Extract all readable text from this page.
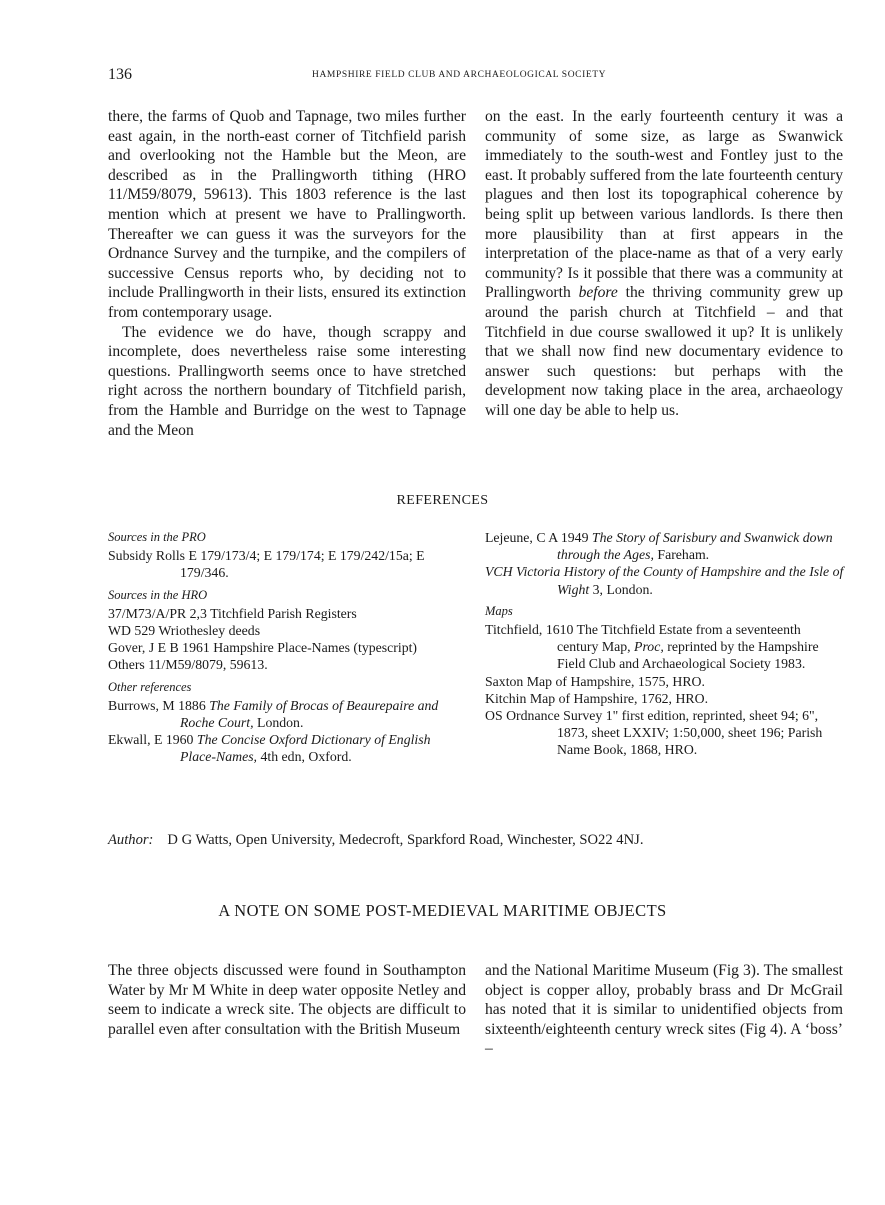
136	HAMPSHIRE FIELD CLUB AND ARCHAEOLOGICAL SOCIETY

there, the farms of Quob and Tapnage, two miles further east again, in the north-east corner of Titchfield parish and overlooking not the Hamble but the Meon, are described as in the Prallingworth tithing (HRO 11/M59/8079, 59613). This 1803 reference is the last mention which at present we have to Prallingworth. Thereafter we can guess it was the surveyors for the Ordnance Survey and the turnpike, and the compilers of successive Census reports who, by deciding not to include Prallingworth in their lists, ensured its extinction from contemporary usage.

The evidence we do have, though scrappy and incomplete, does nevertheless raise some interesting questions. Prallingworth seems once to have stretched right across the northern boundary of Titchfield parish, from the Hamble and Burridge on the west to Tapnage and the Meon

on the east. In the early fourteenth century it was a community of some size, as large as Swanwick immediately to the south-west and Fontley just to the east. It probably suffered from the late fourteenth century plagues and then lost its topographical coherence by being split up between various landlords. Is there then more plausibility than at first appears in the interpretation of the place-name as that of a very early community? Is it possible that there was a community at Prallingworth before the thriving community grew up around the parish church at Titchfield – and that Titchfield in due course swallowed it up? It is unlikely that we shall now find new documentary evidence to answer such questions: but perhaps with the development now taking place in the area, archaeology will one day be able to help us.

REFERENCES
Sources in the PRO
Subsidy Rolls E 179/173/4; E 179/174; E 179/242/15a; E 179/346.
Sources in the HRO
37/M73/A/PR 2,3 Titchfield Parish Registers
WD 529 Wriothesley deeds
Gover, J E B 1961 Hampshire Place-Names (typescript)
Others 11/M59/8079, 59613.
Other references
Burrows, M 1886 The Family of Brocas of Beaurepaire and Roche Court, London.
Ekwall, E 1960 The Concise Oxford Dictionary of English Place-Names, 4th edn, Oxford.
Lejeune, C A 1949 The Story of Sarisbury and Swanwick down through the Ages, Fareham.
VCH Victoria History of the County of Hampshire and the Isle of Wight 3, London.
Maps
Titchfield, 1610 The Titchfield Estate from a seventeenth century Map, Proc, reprinted by the Hampshire Field Club and Archaeological Society 1983.
Saxton Map of Hampshire, 1575, HRO.
Kitchin Map of Hampshire, 1762, HRO.
OS Ordnance Survey 1" first edition, reprinted, sheet 94; 6", 1873, sheet LXXIV; 1:50,000, sheet 196; Parish Name Book, 1868, HRO.
Author: D G Watts, Open University, Medecroft, Sparkford Road, Winchester, SO22 4NJ.
A NOTE ON SOME POST-MEDIEVAL MARITIME OBJECTS

The three objects discussed were found in Southampton Water by Mr M White in deep water opposite Netley and seem to indicate a wreck site. The objects are difficult to parallel even after consultation with the British Museum

and the National Maritime Museum (Fig 3). The smallest object is copper alloy, probably brass and Dr McGrail has noted that it is similar to unidentified objects from sixteenth/eighteenth century wreck sites (Fig 4). A ‘boss’ –
